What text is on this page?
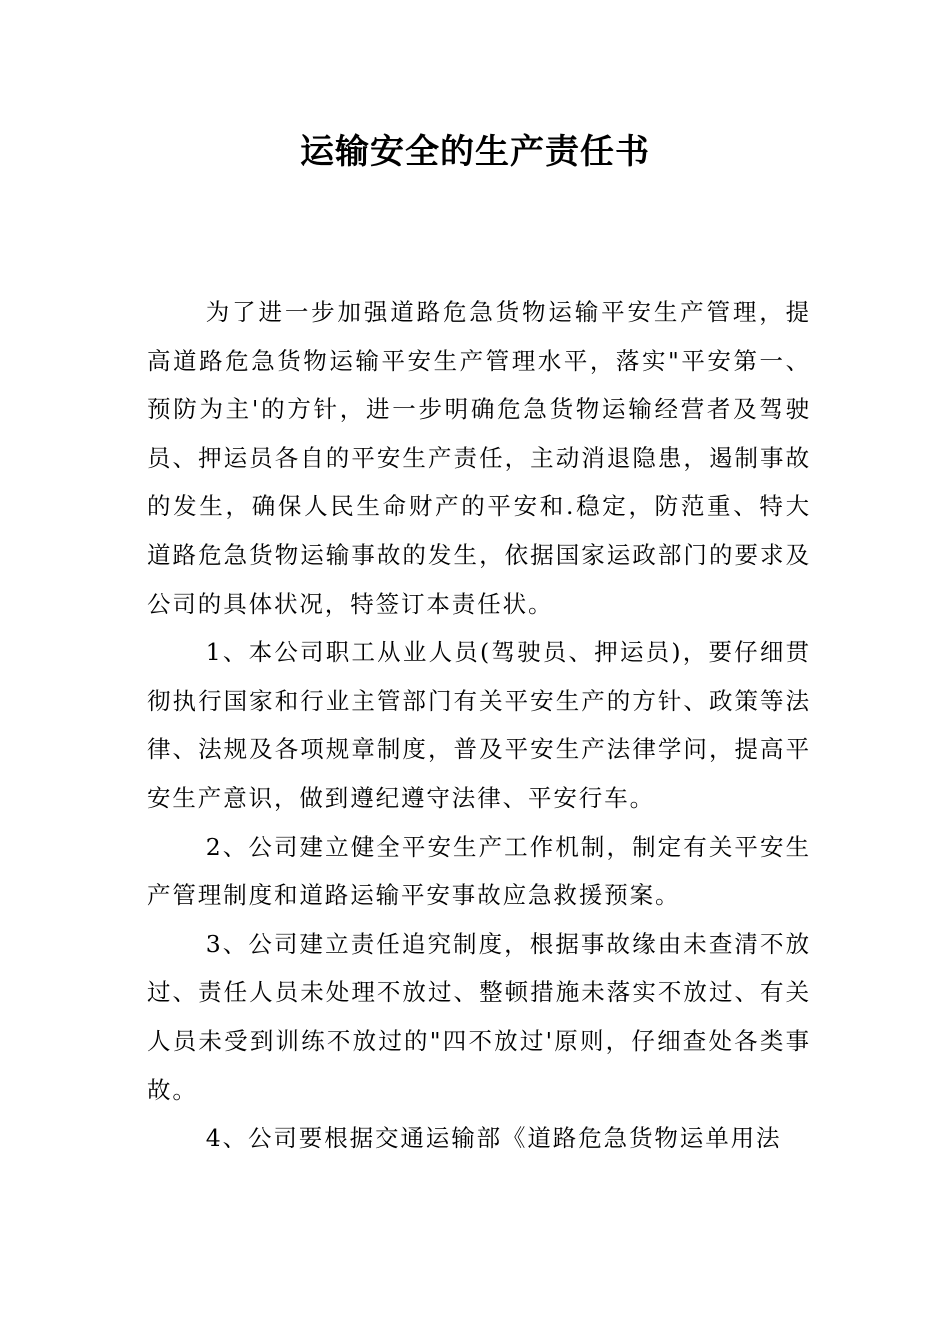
运输安全的生产责任书

为了进一步加强道路危急货物运输平安生产管理，提高道路危急货物运输平安生产管理水平，落实"平安第一、预防为主'的方针，进一步明确危急货物运输经营者及驾驶员、押运员各自的平安生产责任，主动消退隐患，遏制事故的发生，确保人民生命财产的平安和.稳定，防范重、特大道路危急货物运输事故的发生，依据国家运政部门的要求及公司的具体状况，特签订本责任状。

1、本公司职工从业人员(驾驶员、押运员)，要仔细贯彻执行国家和行业主管部门有关平安生产的方针、政策等法律、法规及各项规章制度，普及平安生产法律学问，提高平安生产意识，做到遵纪遵守法律、平安行车。

2、公司建立健全平安生产工作机制，制定有关平安生产管理制度和道路运输平安事故应急救援预案。

3、公司建立责任追究制度，根据事故缘由未查清不放过、责任人员未处理不放过、整顿措施未落实不放过、有关人员未受到训练不放过的"四不放过'原则，仔细查处各类事故。

4、公司要根据交通运输部《道路危急货物运单用法
